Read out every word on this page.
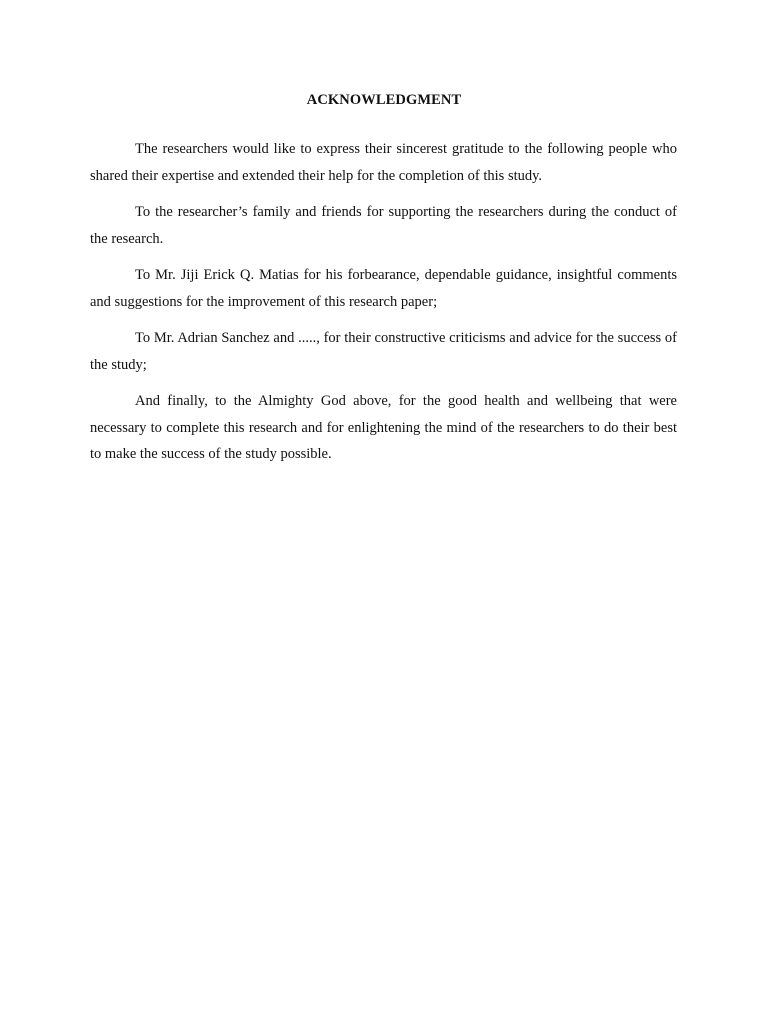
ACKNOWLEDGMENT

The researchers would like to express their sincerest gratitude to the following people who shared their expertise and extended their help for the completion of this study.

To the researcher’s family and friends for supporting the researchers during the conduct of the research.

To Mr. Jiji Erick Q. Matias for his forbearance, dependable guidance, insightful comments and suggestions for the improvement of this research paper;

To Mr. Adrian Sanchez and ....., for their constructive criticisms and advice for the success of the study;

And finally, to the Almighty God above, for the good health and wellbeing that were necessary to complete this research and for enlightening the mind of the researchers to do their best to make the success of the study possible.
